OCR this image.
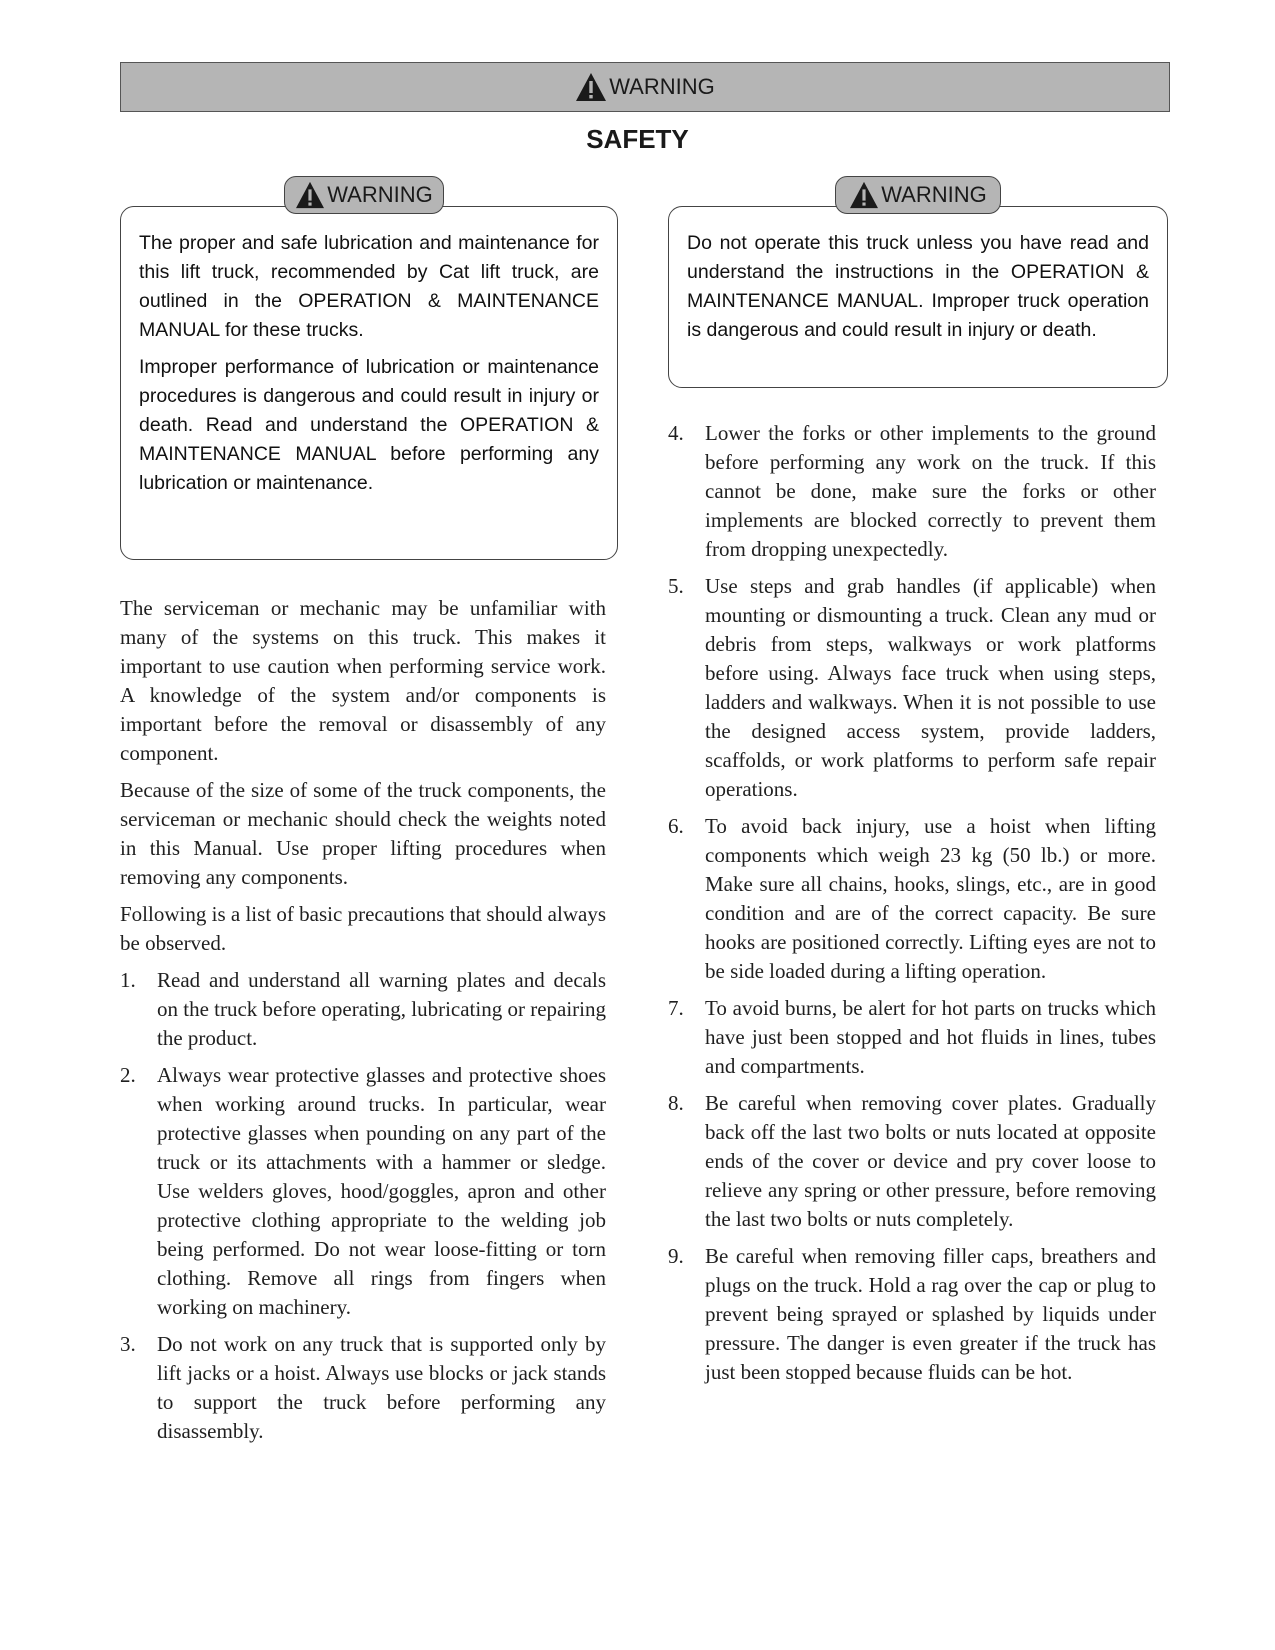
WARNING
SAFETY
WARNING

The proper and safe lubrication and maintenance for this lift truck, recommended by Cat lift truck, are outlined in the OPERATION & MAINTENANCE MANUAL for these trucks.

Improper performance of lubrication or maintenance procedures is dangerous and could result in injury or death. Read and understand the OPERATION & MAINTENANCE MANUAL before performing any lubrication or maintenance.

WARNING

Do not operate this truck unless you have read and understand the instructions in the OPERATION & MAINTENANCE MANUAL. Improper truck operation is dangerous and could result in injury or death.

The serviceman or mechanic may be unfamiliar with many of the systems on this truck. This makes it important to use caution when performing service work. A knowledge of the system and/or components is important before the removal or disassembly of any component.

Because of the size of some of the truck components, the serviceman or mechanic should check the weights noted in this Manual. Use proper lifting procedures when removing any components.

Following is a list of basic precautions that should always be observed.

1.	Read and understand all warning plates and decals on the truck before operating, lubricating or repairing the product.
2.	Always wear protective glasses and protective shoes when working around trucks. In particular, wear protective glasses when pounding on any part of the truck or its attachments with a hammer or sledge. Use welders gloves, hood/goggles, apron and other protective clothing appropriate to the welding job being performed. Do not wear loose-fitting or torn clothing. Remove all rings from fingers when working on machinery.
3.	Do not work on any truck that is supported only by lift jacks or a hoist. Always use blocks or jack stands to support the truck before performing any disassembly.
4.	Lower the forks or other implements to the ground before performing any work on the truck. If this cannot be done, make sure the forks or other implements are blocked correctly to prevent them from dropping unexpectedly.
5.	Use steps and grab handles (if applicable) when mounting or dismounting a truck. Clean any mud or debris from steps, walkways or work platforms before using. Always face truck when using steps, ladders and walkways. When it is not possible to use the designed access system, provide ladders, scaffolds, or work platforms to perform safe repair operations.
6.	To avoid back injury, use a hoist when lifting components which weigh 23 kg (50 lb.) or more. Make sure all chains, hooks, slings, etc., are in good condition and are of the correct capacity. Be sure hooks are positioned correctly. Lifting eyes are not to be side loaded during a lifting operation.
7.	To avoid burns, be alert for hot parts on trucks which have just been stopped and hot fluids in lines, tubes and compartments.
8.	Be careful when removing cover plates. Gradually back off the last two bolts or nuts located at opposite ends of the cover or device and pry cover loose to relieve any spring or other pressure, before removing the last two bolts or nuts completely.
9.	Be careful when removing filler caps, breathers and plugs on the truck. Hold a rag over the cap or plug to prevent being sprayed or splashed by liquids under pressure. The danger is even greater if the truck has just been stopped because fluids can be hot.
